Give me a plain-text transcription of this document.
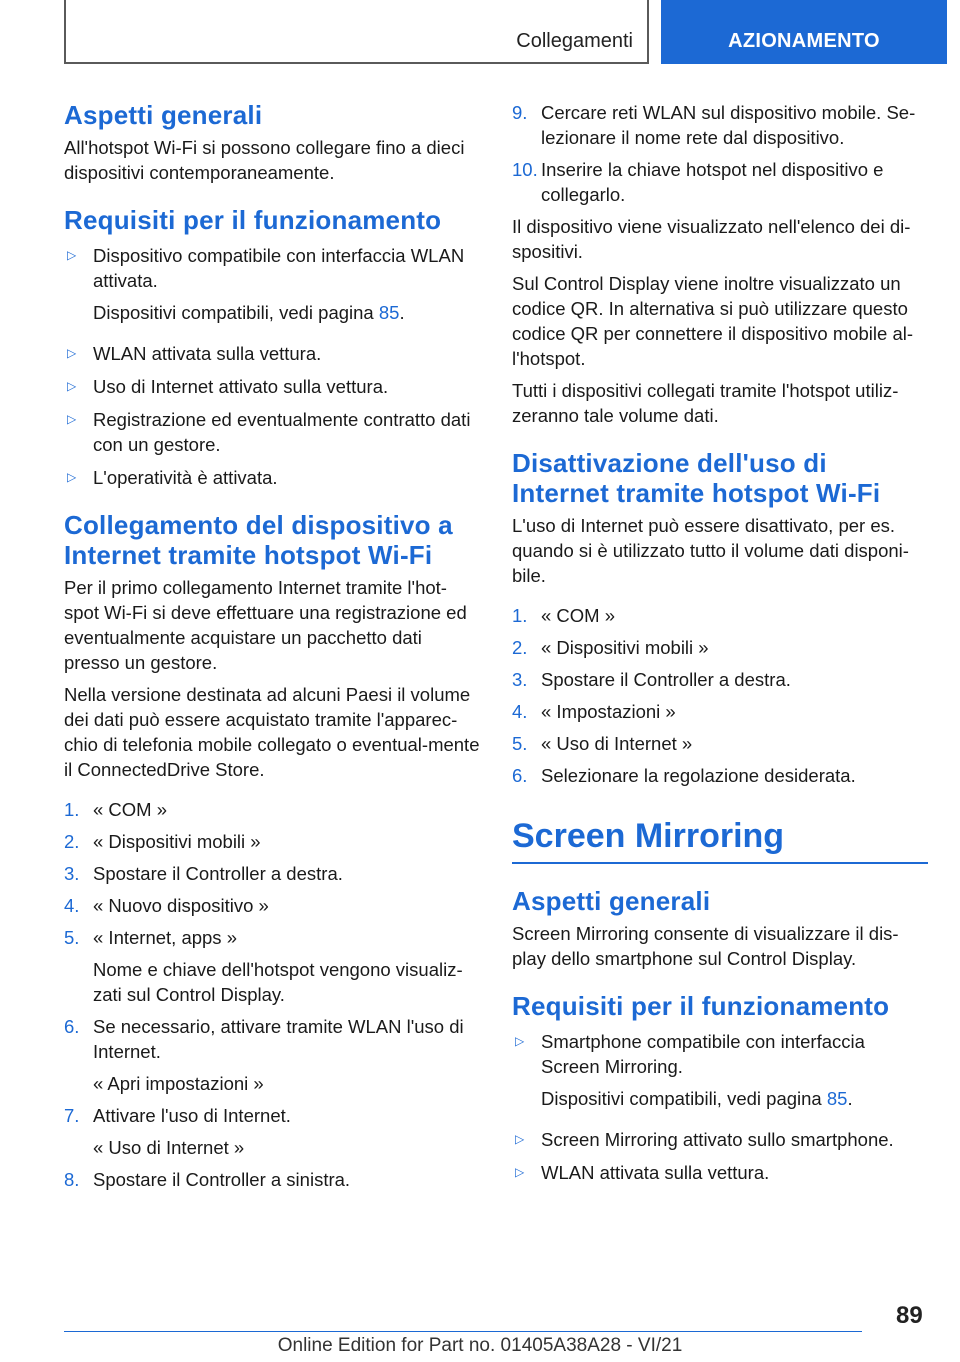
Collegamenti	AZIONAMENTO
Aspetti generali

All'hotspot Wi-Fi si possono collegare fino a dieci dispositivi contemporaneamente.

Requisiti per il funzionamento
▷ Dispositivo compatibile con interfaccia WLAN attivata.
Dispositivi compatibili, vedi pagina 85.
▷ WLAN attivata sulla vettura.
▷ Uso di Internet attivato sulla vettura.
▷ Registrazione ed eventualmente contratto dati con un gestore.
▷ L'operatività è attivata.
Collegamento del dispositivo a Internet tramite hotspot Wi-Fi

Per il primo collegamento Internet tramite l'hot-spot Wi-Fi si deve effettuare una registrazione ed eventualmente acquistare un pacchetto dati presso un gestore.

Nella versione destinata ad alcuni Paesi il volume dei dati può essere acquistato tramite l'apparec-chio di telefonia mobile collegato o eventual-mente il ConnectedDrive Store.

1. « COM »
2. « Dispositivi mobili »
3. Spostare il Controller a destra.
4. « Nuovo dispositivo »
5. « Internet, apps »
Nome e chiave dell'hotspot vengono visualiz-zati sul Control Display.
6. Se necessario, attivare tramite WLAN l'uso di Internet.
« Apri impostazioni »
7. Attivare l'uso di Internet.
« Uso di Internet »
8. Spostare il Controller a sinistra.
9. Cercare reti WLAN sul dispositivo mobile. Se-lezionare il nome rete dal dispositivo.
10. Inserire la chiave hotspot nel dispositivo e collegarlo.

Il dispositivo viene visualizzato nell'elenco dei di-spositivi.

Sul Control Display viene inoltre visualizzato un codice QR. In alternativa si può utilizzare questo codice QR per connettere il dispositivo mobile al-l'hotspot.

Tutti i dispositivi collegati tramite l'hotspot utiliz-zeranno tale volume dati.

Disattivazione dell'uso di Internet tramite hotspot Wi-Fi

L'uso di Internet può essere disattivato, per es. quando si è utilizzato tutto il volume dati disponi-bile.

1. « COM »
2. « Dispositivi mobili »
3. Spostare il Controller a destra.
4. « Impostazioni »
5. « Uso di Internet »
6. Selezionare la regolazione desiderata.
Screen Mirroring
Aspetti generali

Screen Mirroring consente di visualizzare il dis-play dello smartphone sul Control Display.

Requisiti per il funzionamento
▷ Smartphone compatibile con interfaccia Screen Mirroring.
Dispositivi compatibili, vedi pagina 85.
▷ Screen Mirroring attivato sullo smartphone.
▷ WLAN attivata sulla vettura.
89
Online Edition for Part no. 01405A38A28 - VI/21
